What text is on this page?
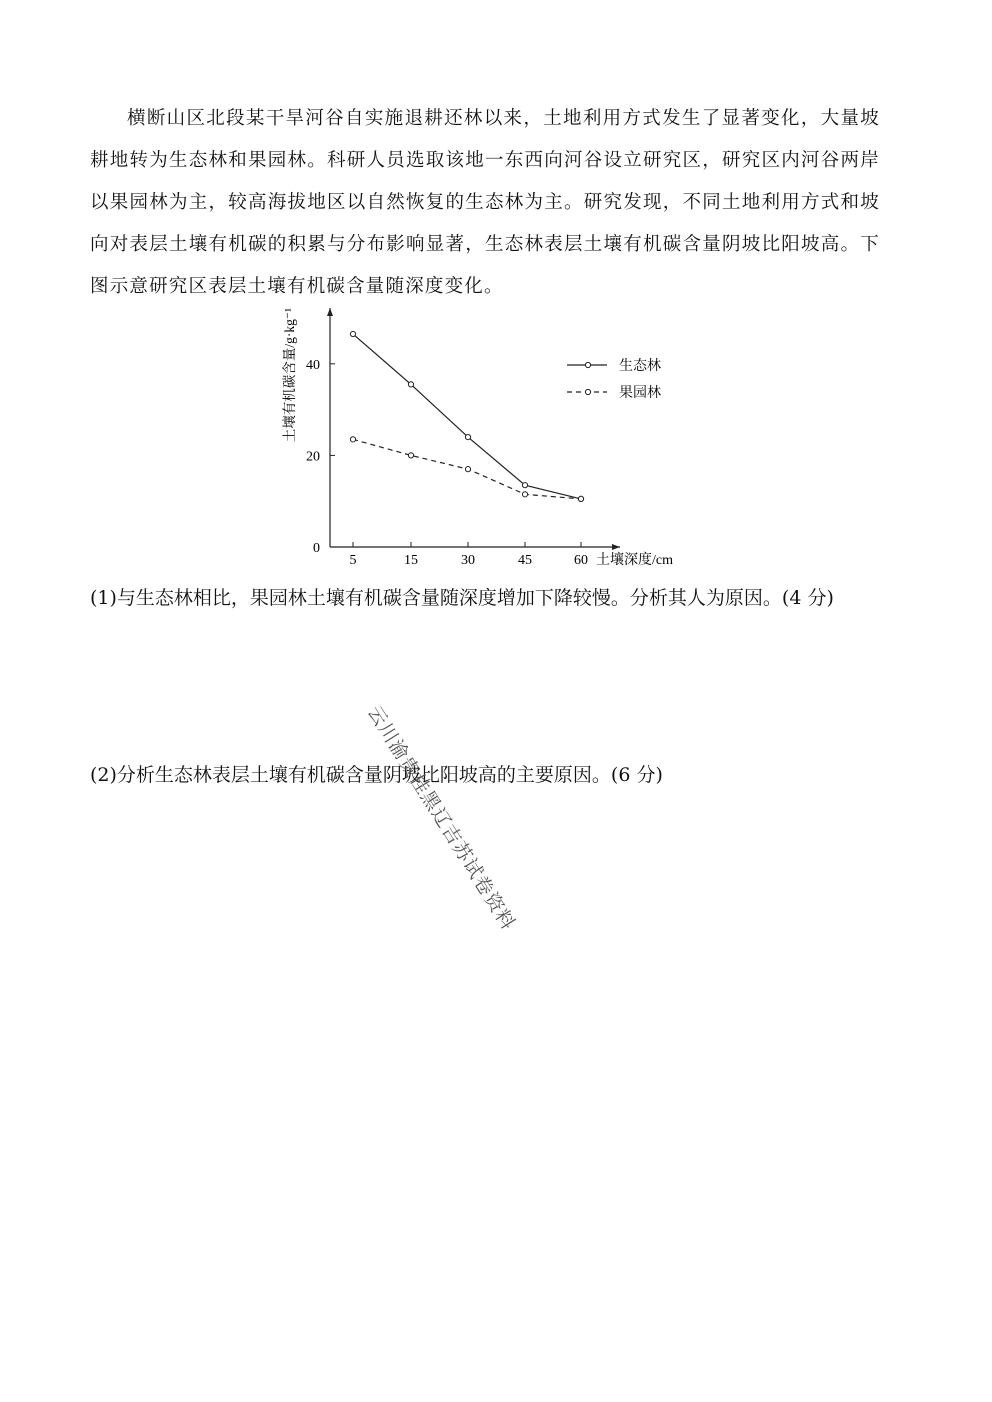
横断山区北段某干旱河谷自实施退耕还林以来，土地利用方式发生了显著变化，大量坡耕地转为生态林和果园林。科研人员选取该地一东西向河谷设立研究区，研究区内河谷两岸以果园林为主，较高海拔地区以自然恢复的生态林为主。研究发现，不同土地利用方式和坡向对表层土壤有机碳的积累与分布影响显著，生态林表层土壤有机碳含量阴坡比阳坡高。下图示意研究区表层土壤有机碳含量随深度变化。

0
20
40
5	15	30	45	60 土壤深度/cm
土壤有机碳含量/g·kg⁻¹	生态林
果园林

(1)与生态林相比，果园林土壤有机碳含量随深度增加下降较慢。分析其人为原因。(4 分)

(2)分析生态林表层土壤有机碳含量阴坡比阳坡高的主要原因。(6 分)

云川渝贵桂黑辽吉苏试卷资料
